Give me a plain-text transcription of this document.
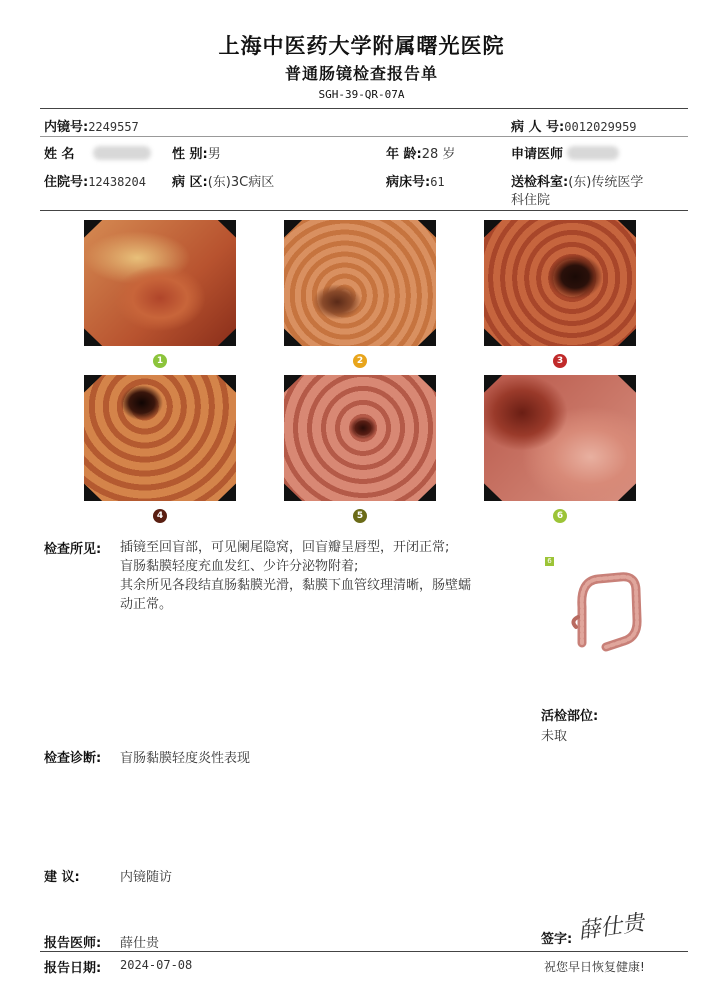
上海中医药大学附属曙光医院
普通肠镜检查报告单
SGH-39-QR-07A
内镜号:2249557	病 人 号:0012029959
姓 名	性 别:男	年 龄:28 岁	申请医师
住院号:12438204 病 区:(东)3C病区	病床号:61	送检科室:(东)传统医学
科住院
1	2	3
4	5	6
检查所见: 插镜至回盲部，可见阑尾隐窝，回盲瓣呈唇型，开闭正常;
盲肠黏膜轻度充血发红、少许分泌物附着;
其余所见各段结直肠黏膜光滑，黏膜下血管纹理清晰，肠壁蠕
动正常。
6
活检部位:
未取
检查诊断: 盲肠黏膜轻度炎性表现
建 议:	内镜随访
报告医师: 薛仕贵	签字: 薛仕贵
报告日期: 2024-07-08	祝您早日恢复健康!
